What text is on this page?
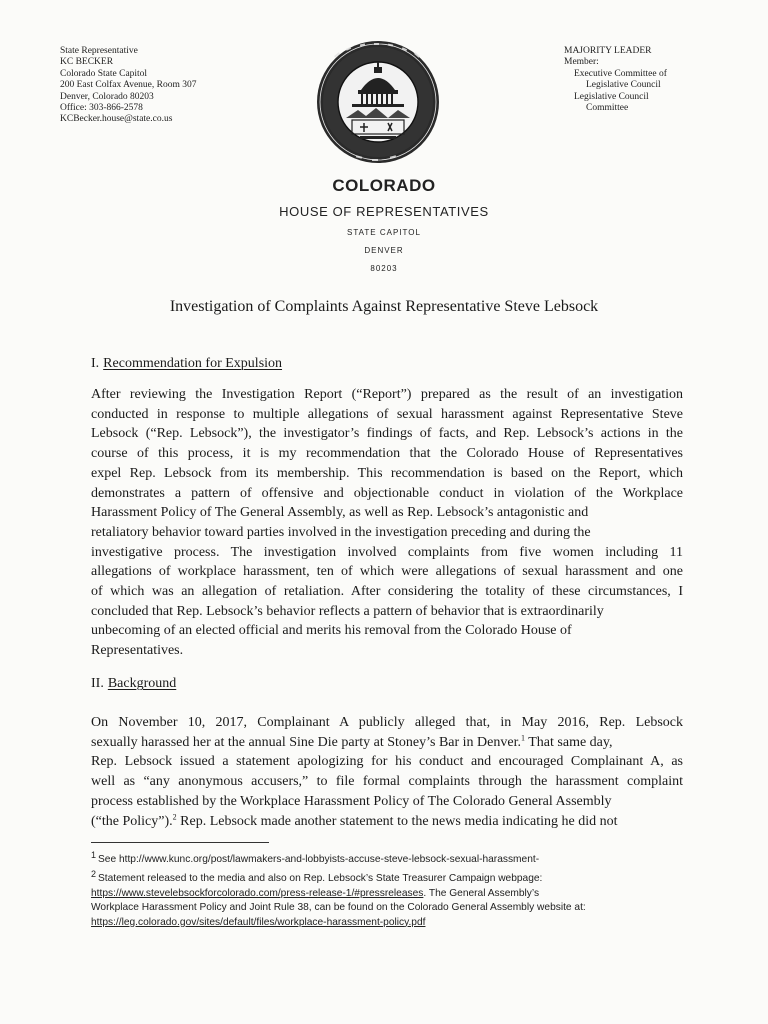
State Representative
KC BECKER
Colorado State Capitol
200 East Colfax Avenue, Room 307
Denver, Colorado 80203
Office: 303-866-2578
KCBecker.house@state.co.us
MAJORITY LEADER
Member:
Executive Committee of
Legislative Council
Legislative Council
Committee
COLORADO
HOUSE OF REPRESENTATIVES
STATE CAPITOL
DENVER
80203
Investigation of Complaints Against Representative Steve Lebsock
I. Recommendation for Expulsion
After reviewing the Investigation Report (“Report”) prepared as the result of an investigation
conducted in response to multiple allegations of sexual harassment against Representative Steve
Lebsock (“Rep. Lebsock”), the investigator’s findings of facts, and Rep. Lebsock’s actions in the
course of this process, it is my recommendation that the Colorado House of Representatives
expel Rep. Lebsock from its membership. This recommendation is based on the Report, which
demonstrates a pattern of offensive and objectionable conduct in violation of the Workplace
Harassment Policy of The General Assembly, as well as Rep. Lebsock’s antagonistic and
retaliatory behavior toward parties involved in the investigation preceding and during the
investigative process. The investigation involved complaints from five women including 11
allegations of workplace harassment, ten of which were allegations of sexual harassment and one
of which was an allegation of retaliation. After considering the totality of these circumstances, I
concluded that Rep. Lebsock’s behavior reflects a pattern of behavior that is extraordinarily
unbecoming of an elected official and merits his removal from the Colorado House of
Representatives.
II. Background
On November 10, 2017, Complainant A publicly alleged that, in May 2016, Rep. Lebsock
sexually harassed her at the annual Sine Die party at Stoney’s Bar in Denver.$^1$ That same day,
Rep. Lebsock issued a statement apologizing for his conduct and encouraged Complainant A, as
well as “any anonymous accusers,” to file formal complaints through the harassment complaint
process established by the Workplace Harassment Policy of The Colorado General Assembly
(“the Policy”).$^2$ Rep. Lebsock made another statement to the news media indicating he did not
$^1$ See http://www.kunc.org/post/lawmakers-and-lobbyists-accuse-steve-lebsock-sexual-harassment-
$^2$ Statement released to the media and also on Rep. Lebsock’s State Treasurer Campaign webpage:
https://www.stevelebsockforcolorado.com/press-release-1/#pressreleases. The General Assembly’s
Workplace Harassment Policy and Joint Rule 38, can be found on the Colorado General Assembly website at:
https://leg.colorado.gov/sites/default/files/workplace-harassment-policy.pdf
